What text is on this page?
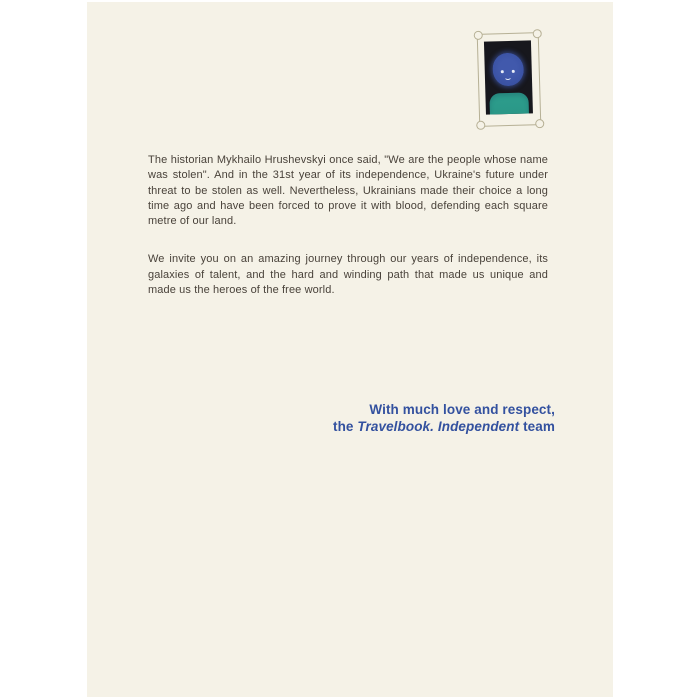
The historian Mykhailo Hrushevskyi once said, "We are the people whose name was stolen". And in the 31st year of its independence, Ukraine's future under threat to be stolen as well. Nevertheless, Ukrainians made their choice a long time ago and have been forced to prove it with blood, defending each square metre of our land.

We invite you on an amazing journey through our years of independence, its galaxies of talent, and the hard and winding path that made us unique and made us the heroes of the free world.

With much love and respect,
the Travelbook. Independent team
